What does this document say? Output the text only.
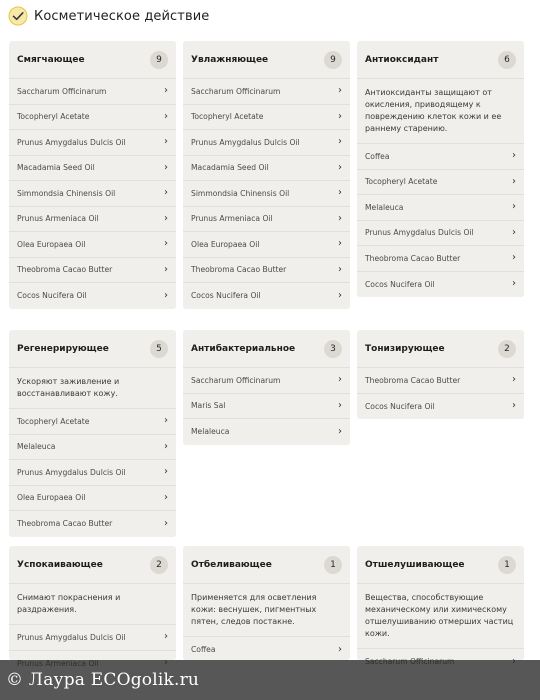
Косметическое действие
Смягчающее	9
Saccharum Officinarum	›
Tocopheryl Acetate	›
Prunus Amygdalus Dulcis Oil	›
Macadamia Seed Oil	›
Simmondsia Chinensis Oil	›
Prunus Armeniaca Oil	›
Olea Europaea Oil	›
Theobroma Cacao Butter	›
Cocos Nucifera Oil	›
Увлажняющее	9
Saccharum Officinarum	›
Tocopheryl Acetate	›
Prunus Amygdalus Dulcis Oil	›
Macadamia Seed Oil	›
Simmondsia Chinensis Oil	›
Prunus Armeniaca Oil	›
Olea Europaea Oil	›
Theobroma Cacao Butter	›
Cocos Nucifera Oil	›
Антиоксидант	6
Антиоксиданты защищают от окисления, приводящему к повреждению клеток кожи и ее раннему старению.
Coffea	›
Tocopheryl Acetate	›
Melaleuca	›
Prunus Amygdalus Dulcis Oil	›
Theobroma Cacao Butter	›
Cocos Nucifera Oil	›
Регенерирующее	5
Ускоряют заживление и восстанавливают кожу.
Tocopheryl Acetate	›
Melaleuca	›
Prunus Amygdalus Dulcis Oil	›
Olea Europaea Oil	›
Theobroma Cacao Butter	›
Антибактериальное	3
Saccharum Officinarum	›
Maris Sal	›
Melaleuca	›
Тонизирующее	2
Theobroma Cacao Butter	›
Cocos Nucifera Oil	›
Успокаивающее	2
Снимают покраснения и раздражения.
Prunus Amygdalus Dulcis Oil	›
Отбеливающее	1
Применяется для осветления кожи: веснушек, пигментных пятен, следов постакне.
Coffea	›
Отшелушивающее	1
Вещества, способствующие механическому или химическому отшелушиванию отмерших частиц кожи.
© Лаура ECOgolik.ru
